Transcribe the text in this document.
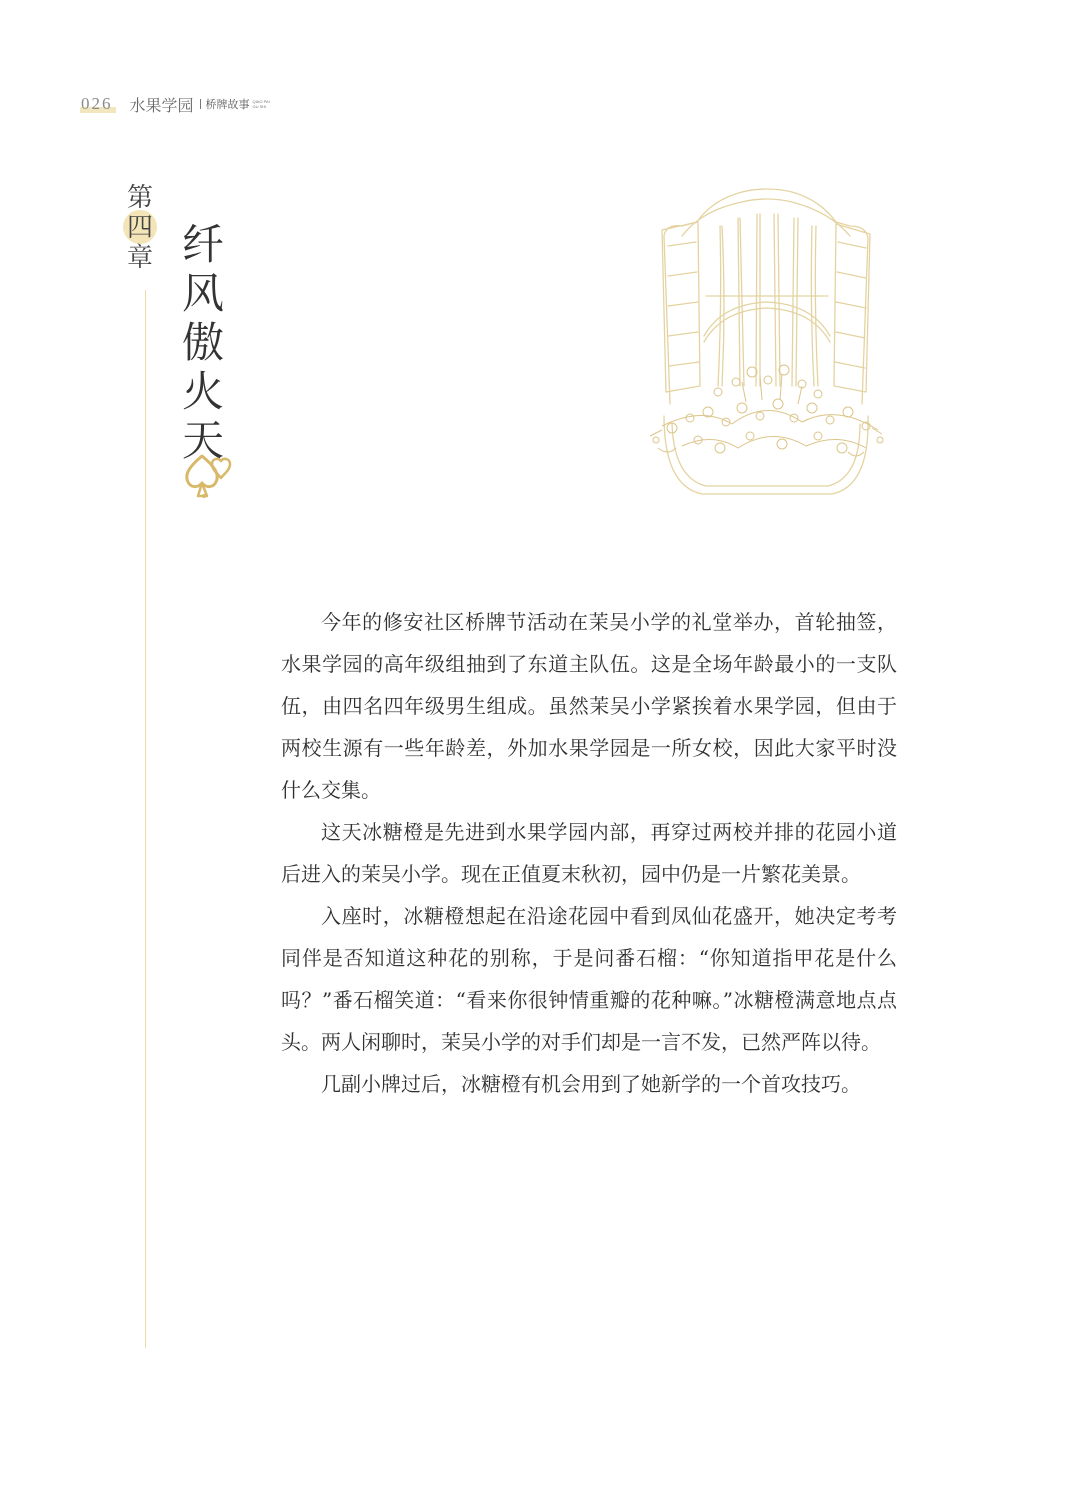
026 水果学园 桥牌故事 QIAO PAI
GU SHI
第
四
章 纤
风
傲
火
天

今年的修安社区桥牌节活动在茉吴小学的礼堂举办，首轮抽签，水果学园的高年级组抽到了东道主队伍。这是全场年龄最小的一支队伍，由四名四年级男生组成。虽然茉吴小学紧挨着水果学园，但由于两校生源有一些年龄差，外加水果学园是一所女校，因此大家平时没什么交集。

这天冰糖橙是先进到水果学园内部，再穿过两校并排的花园小道后进入的茉吴小学。现在正值夏末秋初，园中仍是一片繁花美景。

入座时，冰糖橙想起在沿途花园中看到凤仙花盛开，她决定考考同伴是否知道这种花的别称，于是问番石榴：“你知道指甲花是什么吗？”番石榴笑道：“看来你很钟情重瓣的花种嘛。”冰糖橙满意地点点头。两人闲聊时，茉吴小学的对手们却是一言不发，已然严阵以待。

几副小牌过后，冰糖橙有机会用到了她新学的一个首攻技巧。
